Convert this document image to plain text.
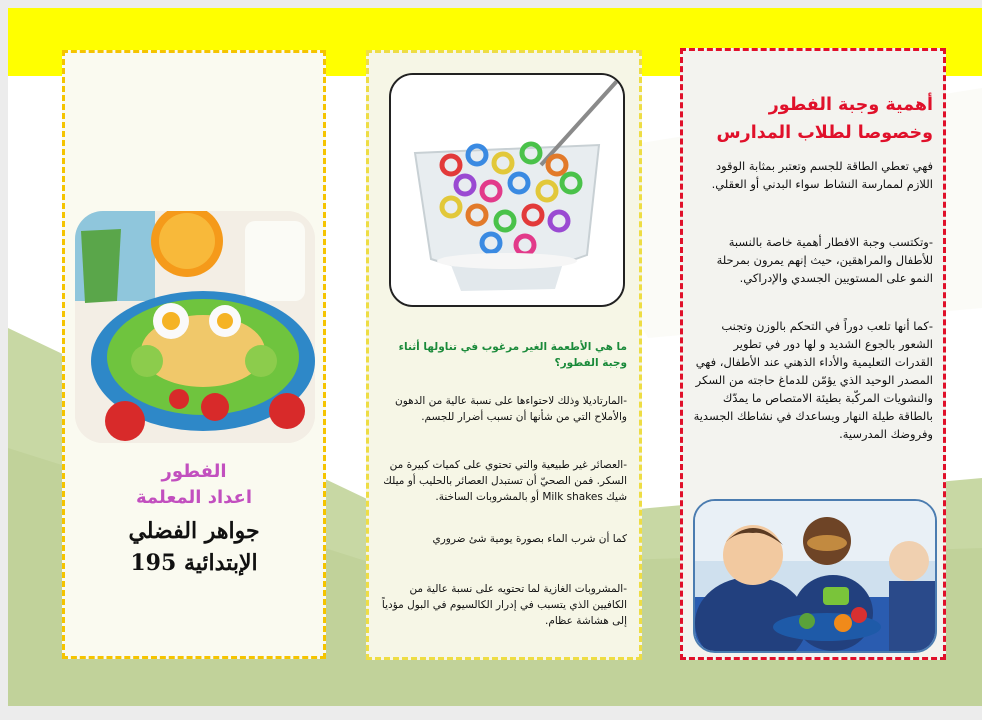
الفطور
اعداد المعلمة
جواهر الفضلي
الإبتدائية 195
ما هي الأطعمة الغير مرغوب في تناولها أثناء وجبة الفطور؟
-المارتاديلا وذلك لاحتواءها على نسبة عالية من الدهون والأملاح التي من شأنها أن تسبب أضرار للجسم.
-العصائر غير طبيعية والتي تحتوي على كميات كبيرة من السكر. فمن الصحيّ أن تستبدل العصائر بالحليب أو ميلك شيك Milk shakes أو بالمشروبات الساخنة.
كما أن شرب الماء بصورة يومية شئ ضروري
-المشروبات الغازية لما تحتويه على نسبة عالية من الكافيين الذي يتسبب في إدرار الكالسيوم في البول مؤدياً إلى هشاشة عظام.
أهمية وجبة الفطور وخصوصا لطلاب المدارس
فهي تعطي الطاقة للجسم وتعتبر بمثابة الوقود اللازم لممارسة النشاط سواء البدني أو العقلي.
-وتكتسب وجبة الافطار أهمية خاصة بالنسبة للأطفال والمراهقين، حيث إنهم يمرون بمرحلة النمو على المستويين الجسدي والإدراكي.
-كما أنها تلعب دوراً في التحكم بالوزن وتجنب الشعور بالجوع الشديد و لها دور في تطوير القدرات التعليمية والأداء الذهني عند الأطفال، فهي المصدر الوحيد الذي يؤمّن للدماغ حاجته من السكر والنشويات المركّبة بطيئة الامتصاص ما يمدّك بالطاقة طيلة النهار ويساعدك في نشاطك الجسدية وفروضك المدرسية.
